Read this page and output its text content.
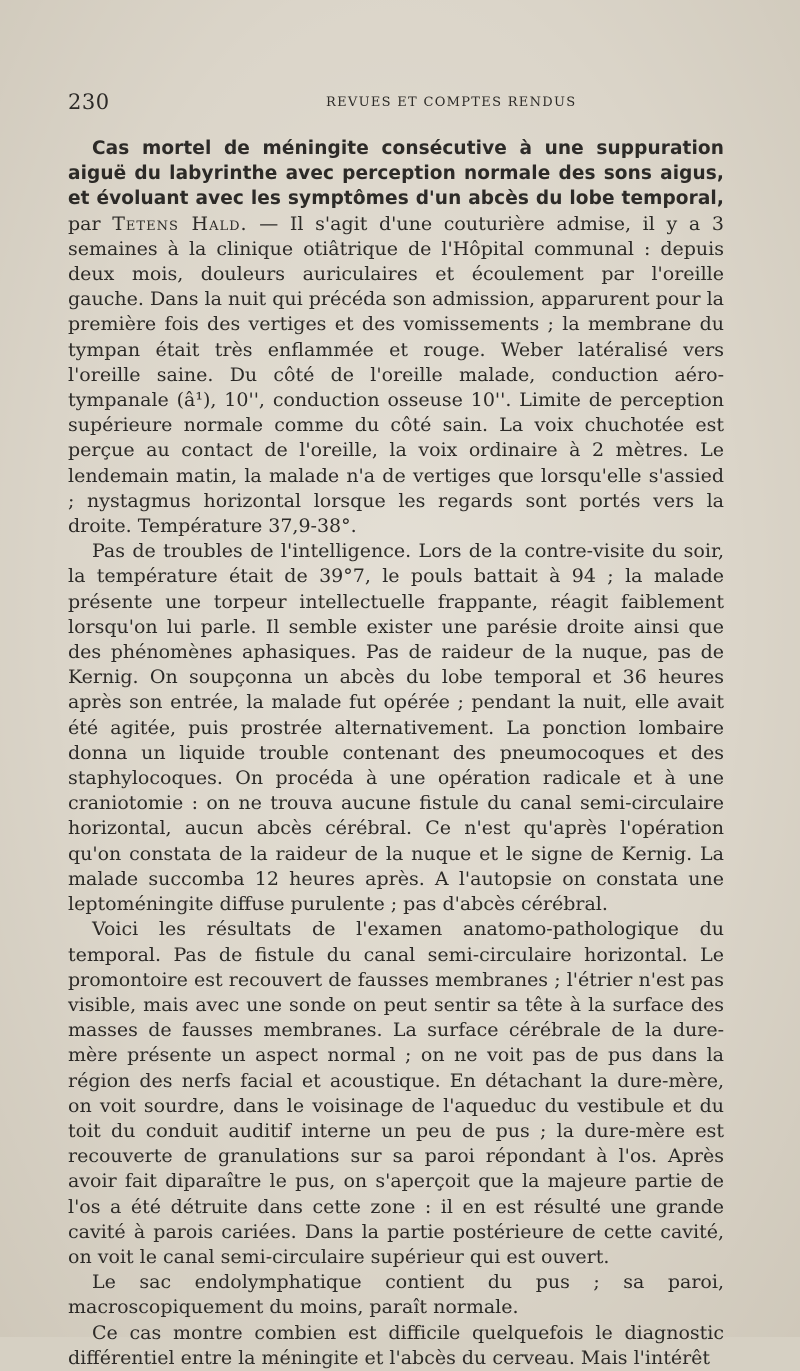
230	REVUES ET COMPTES RENDUS

Cas mortel de méningite consécutive à une suppuration aiguë du labyrinthe avec perception normale des sons aigus, et évoluant avec les symptômes d'un abcès du lobe temporal, par Tetens Hald. — Il s'agit d'une couturière admise, il y a 3 semaines à la clinique otiâtrique de l'Hôpital communal : depuis deux mois, douleurs auriculaires et écoulement par l'oreille gauche. Dans la nuit qui précéda son admission, apparurent pour la première fois des vertiges et des vomissements ; la membrane du tympan était très enflammée et rouge. Weber latéralisé vers l'oreille saine. Du côté de l'oreille malade, conduction aéro-tympanale (â¹), 10'', conduction osseuse 10''. Limite de perception supérieure normale comme du côté sain. La voix chuchotée est perçue au contact de l'oreille, la voix ordinaire à 2 mètres. Le lendemain matin, la malade n'a de vertiges que lorsqu'elle s'assied ; nystagmus horizontal lorsque les regards sont portés vers la droite. Température 37,9-38°.

Pas de troubles de l'intelligence. Lors de la contre-visite du soir, la température était de 39°7, le pouls battait à 94 ; la malade présente une torpeur intellectuelle frappante, réagit faiblement lorsqu'on lui parle. Il semble exister une parésie droite ainsi que des phénomènes aphasiques. Pas de raideur de la nuque, pas de Kernig. On soupçonna un abcès du lobe temporal et 36 heures après son entrée, la malade fut opérée ; pendant la nuit, elle avait été agitée, puis prostrée alternativement. La ponction lombaire donna un liquide trouble contenant des pneumocoques et des staphylocoques. On procéda à une opération radicale et à une craniotomie : on ne trouva aucune fistule du canal semi-circulaire horizontal, aucun abcès cérébral. Ce n'est qu'après l'opération qu'on constata de la raideur de la nuque et le signe de Kernig. La malade succomba 12 heures après. A l'autopsie on constata une leptoméningite diffuse purulente ; pas d'abcès cérébral.

Voici les résultats de l'examen anatomo-pathologique du temporal. Pas de fistule du canal semi-circulaire horizontal. Le promontoire est recouvert de fausses membranes ; l'étrier n'est pas visible, mais avec une sonde on peut sentir sa tête à la surface des masses de fausses membranes. La surface cérébrale de la dure-mère présente un aspect normal ; on ne voit pas de pus dans la région des nerfs facial et acoustique. En détachant la dure-mère, on voit sourdre, dans le voisinage de l'aqueduc du vestibule et du toit du conduit auditif interne un peu de pus ; la dure-mère est recouverte de granulations sur sa paroi répondant à l'os. Après avoir fait diparaître le pus, on s'aperçoit que la majeure partie de l'os a été détruite dans cette zone : il en est résulté une grande cavité à parois cariées. Dans la partie postérieure de cette cavité, on voit le canal semi-circulaire supérieur qui est ouvert.

Le sac endolymphatique contient du pus ; sa paroi, macroscopiquement du moins, paraît normale.

Ce cas montre combien est difficile quelquefois le diagnostic différentiel entre la méningite et l'abcès du cerveau. Mais l'intérêt
